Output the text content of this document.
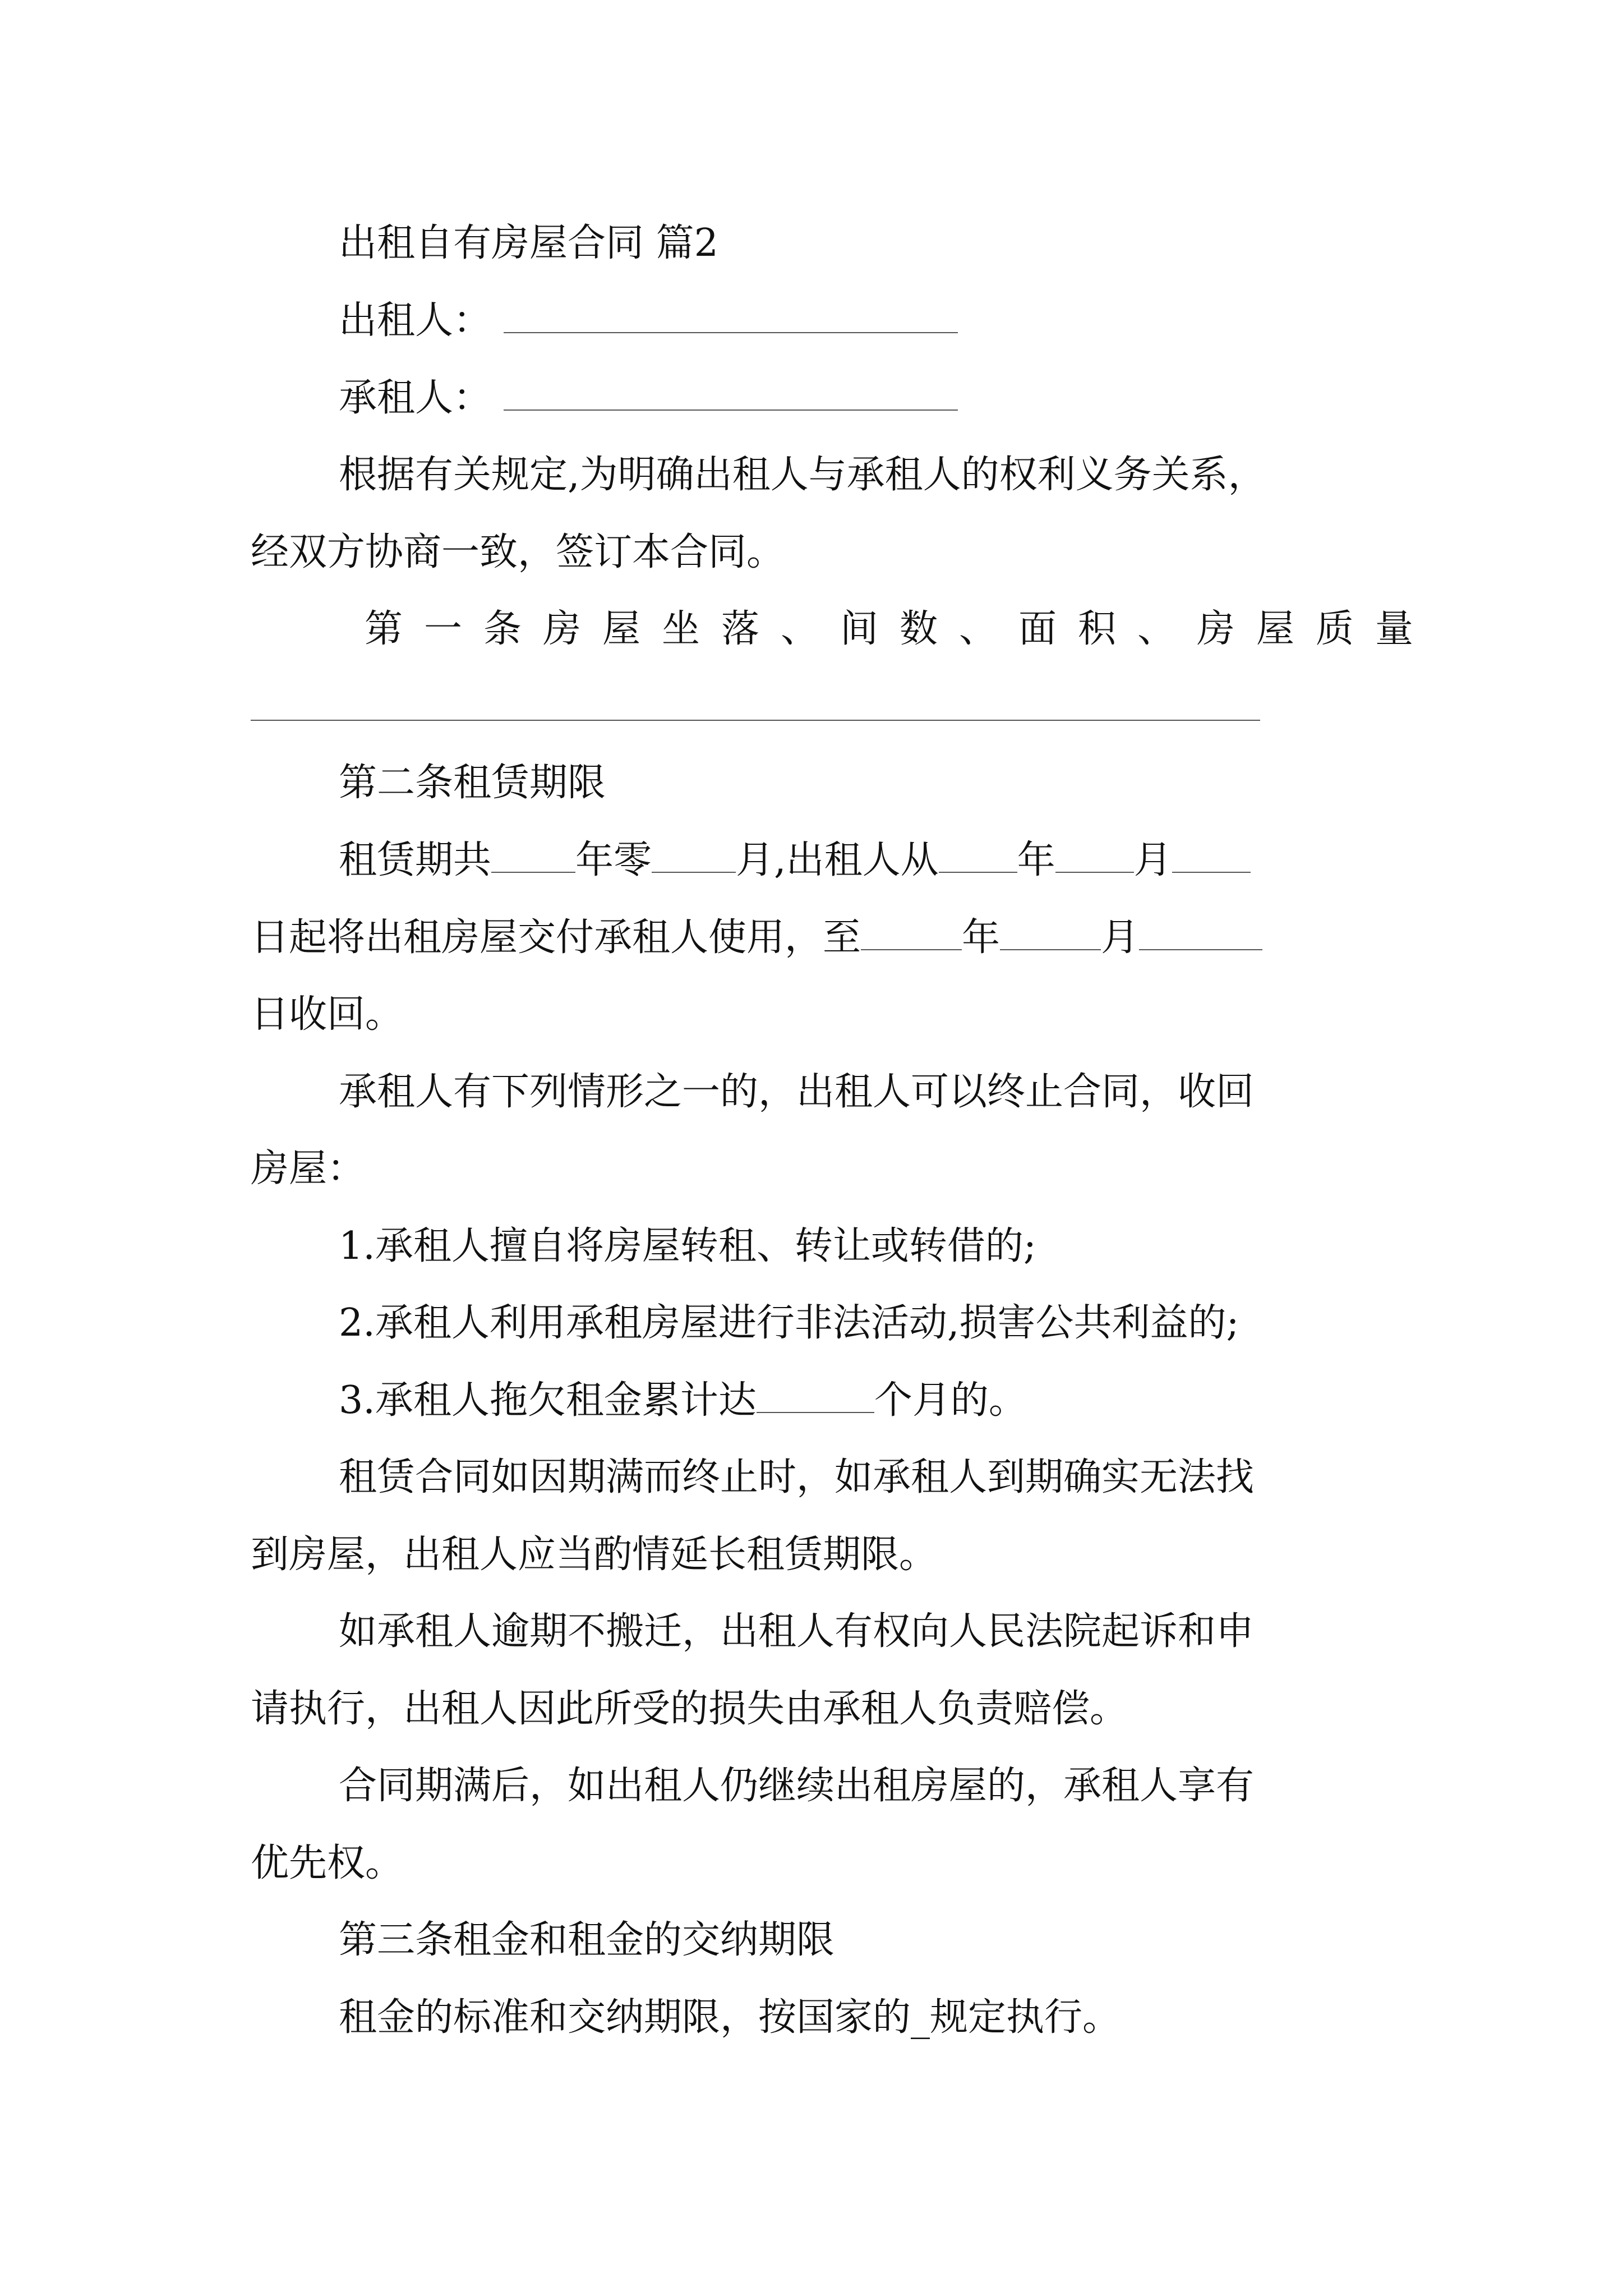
出租自有房屋合同 篇2
出租人：
承租人：
根据有关规定,为明确出租人与承租人的权利义务关系，
经双方协商一致，签订本合同。
第一条房屋坐落、间数、面积、房屋质量
第二条租赁期限
租赁期共 年零 月,出租人从 年 月
日起将出租房屋交付承租人使用，至	年	月
日收回。
承租人有下列情形之一的，出租人可以终止合同，收回
房屋：
1.承租人擅自将房屋转租、转让或转借的;
2.承租人利用承租房屋进行非法活动,损害公共利益的;
3.承租人拖欠租金累计达	个月的。
租赁合同如因期满而终止时，如承租人到期确实无法找
到房屋，出租人应当酌情延长租赁期限。
如承租人逾期不搬迁，出租人有权向人民法院起诉和申
请执行，出租人因此所受的损失由承租人负责赔偿。
合同期满后，如出租人仍继续出租房屋的，承租人享有
优先权。
第三条租金和租金的交纳期限
租金的标准和交纳期限，按国家的_规定执行。
